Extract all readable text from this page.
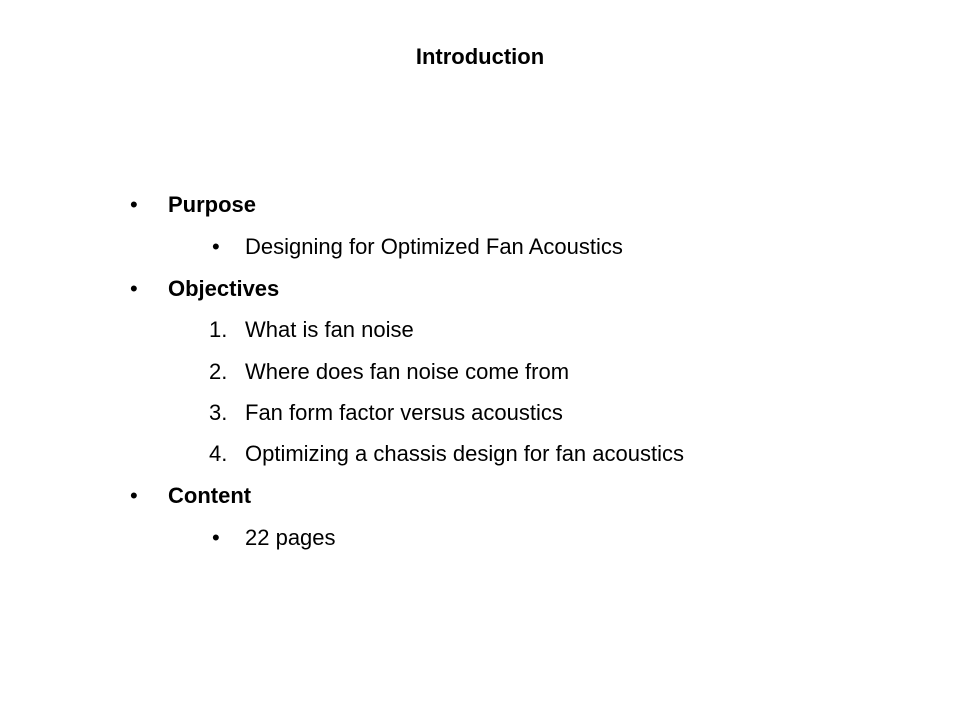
Introduction
• Purpose
• Designing for Optimized Fan Acoustics
• Objectives
1. What is fan noise
2. Where does fan noise come from
3. Fan form factor versus acoustics
4. Optimizing a chassis design for fan acoustics
• Content
• 22 pages
